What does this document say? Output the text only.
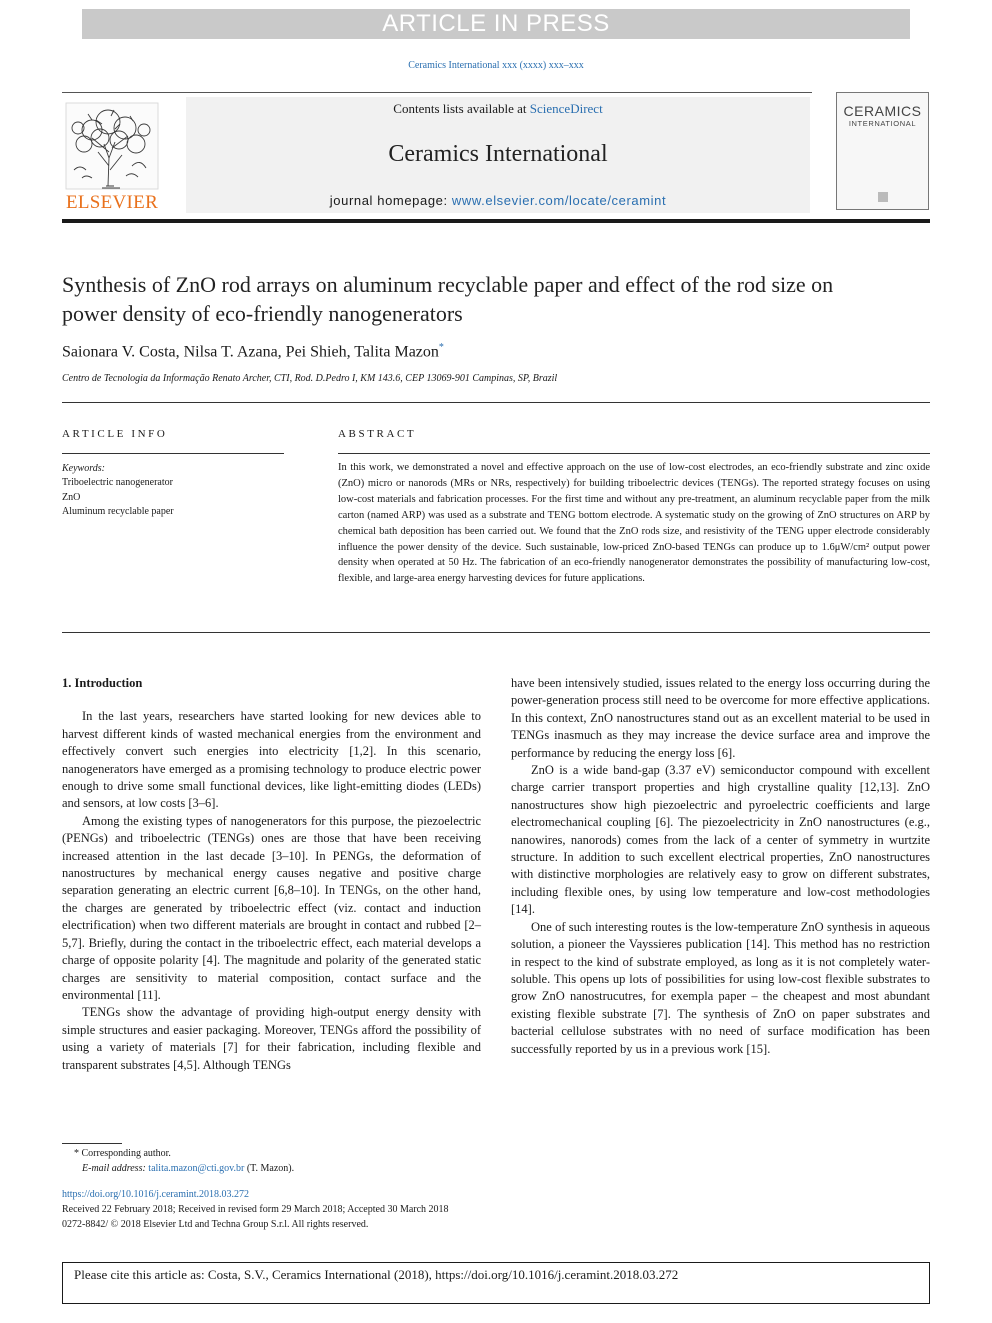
ARTICLE IN PRESS
Ceramics International xxx (xxxx) xxx–xxx
Contents lists available at ScienceDirect
Ceramics International
journal homepage: www.elsevier.com/locate/ceramint
ELSEVIER
CERAMICS
INTERNATIONAL
Synthesis of ZnO rod arrays on aluminum recyclable paper and effect of the rod size on power density of eco-friendly nanogenerators
Saionara V. Costa, Nilsa T. Azana, Pei Shieh, Talita Mazon*
Centro de Tecnologia da Informação Renato Archer, CTI, Rod. D.Pedro I, KM 143.6, CEP 13069-901 Campinas, SP, Brazil
ARTICLE INFO	ABSTRACT
Keywords:
Triboelectric nanogenerator
ZnO
Aluminum recyclable paper
In this work, we demonstrated a novel and effective approach on the use of low-cost electrodes, an eco-friendly substrate and zinc oxide (ZnO) micro or nanorods (MRs or NRs, respectively) for building triboelectric devices (TENGs). The reported strategy focuses on using low-cost materials and fabrication processes. For the first time and without any pre-treatment, an aluminum recyclable paper from the milk carton (named ARP) was used as a substrate and TENG bottom electrode. A systematic study on the growing of ZnO structures on ARP by chemical bath deposition has been carried out. We found that the ZnO rods size, and resistivity of the TENG upper electrode considerably influence the power density of the device. Such sustainable, low-priced ZnO-based TENGs can produce up to 1.6μW/cm² output power density when operated at 50 Hz. The fabrication of an eco-friendly nanogenerator demonstrates the possibility of manufacturing low-cost, flexible, and large-area energy harvesting devices for future applications.
1. Introduction

In the last years, researchers have started looking for new devices able to harvest different kinds of wasted mechanical energies from the environment and effectively convert such energies into electricity [1,2]. In this scenario, nanogenerators have emerged as a promising technology to produce electric power enough to drive some small functional devices, like light-emitting diodes (LEDs) and sensors, at low costs [3–6].

Among the existing types of nanogenerators for this purpose, the piezoelectric (PENGs) and triboelectric (TENGs) ones are those that have been receiving increased attention in the last decade [3–10]. In PENGs, the deformation of nanostructures by mechanical energy causes negative and positive charge separation generating an electric current [6,8–10]. In TENGs, on the other hand, the charges are generated by triboelectric effect (viz. contact and induction electrification) when two different materials are brought in contact and rubbed [2–5,7]. Briefly, during the contact in the triboelectric effect, each material develops a charge of opposite polarity [4]. The magnitude and polarity of the generated static charges are sensitivity to material composition, contact surface and the environmental [11].

TENGs show the advantage of providing high-output energy density with simple structures and easier packaging. Moreover, TENGs afford the possibility of using a variety of materials [7] for their fabrication, including flexible and transparent substrates [4,5]. Although TENGs

have been intensively studied, issues related to the energy loss occurring during the power-generation process still need to be overcome for more effective applications. In this context, ZnO nanostructures stand out as an excellent material to be used in TENGs inasmuch as they may increase the device surface area and improve the performance by reducing the energy loss [6].

ZnO is a wide band-gap (3.37 eV) semiconductor compound with excellent charge carrier transport properties and high crystalline quality [12,13]. ZnO nanostructures show high piezoelectric and pyroelectric coefficients and large electromechanical coupling [6]. The piezoelectricity in ZnO nanostructures (e.g., nanowires, nanorods) comes from the lack of a center of symmetry in wurtzite structure. In addition to such excellent electrical properties, ZnO nanostructures with distinctive morphologies are relatively easy to grow on different substrates, including flexible ones, by using low temperature and low-cost methodologies [14].

One of such interesting routes is the low-temperature ZnO synthesis in aqueous solution, a pioneer the Vayssieres publication [14]. This method has no restriction in respect to the kind of substrate employed, as long as it is not completely water-soluble. This opens up lots of possibilities for using low-cost flexible substrates to grow ZnO nanostrucutres, for exempla paper – the cheapest and most abundant existing flexible substrate [7]. The synthesis of ZnO on paper substrates and bacterial cellulose substrates with no need of surface modification has been successfully reported by us in a previous work [15].

* Corresponding author.
E-mail address: talita.mazon@cti.gov.br (T. Mazon).
https://doi.org/10.1016/j.ceramint.2018.03.272
Received 22 February 2018; Received in revised form 29 March 2018; Accepted 30 March 2018
0272-8842/ © 2018 Elsevier Ltd and Techna Group S.r.l. All rights reserved.
Please cite this article as: Costa, S.V., Ceramics International (2018), https://doi.org/10.1016/j.ceramint.2018.03.272
